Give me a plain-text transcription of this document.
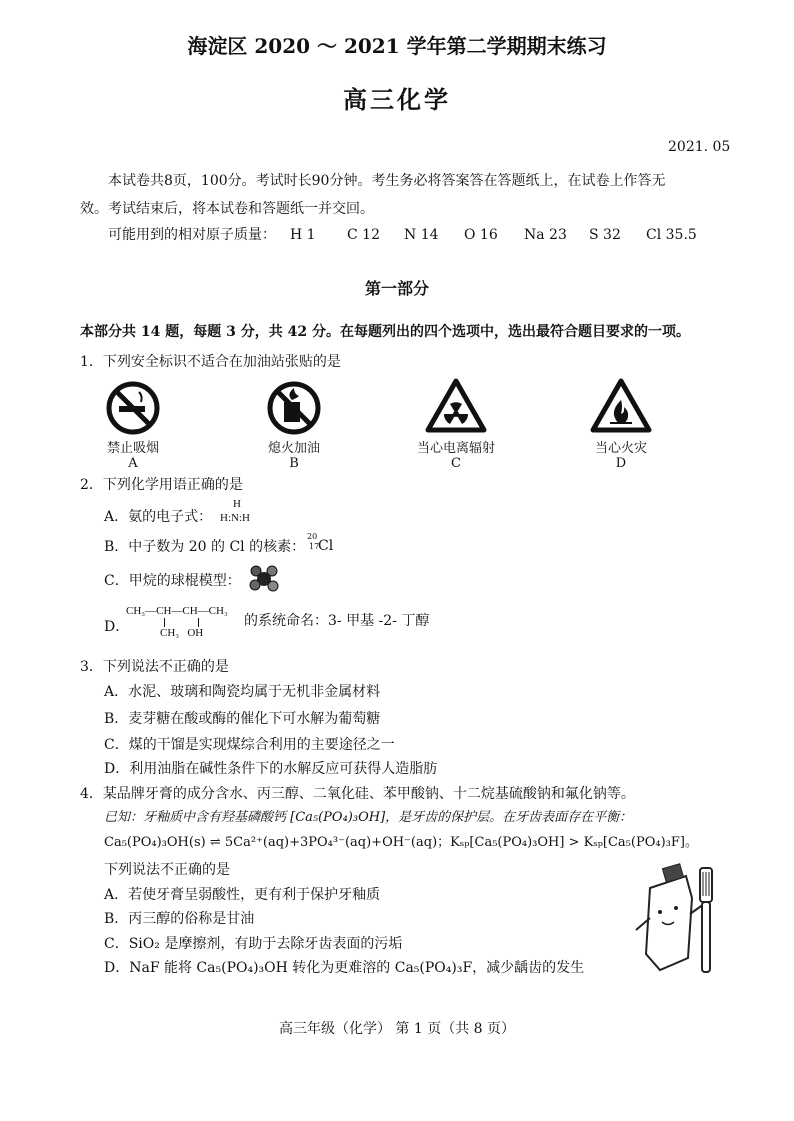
海淀区 2020 ～ 2021 学年第二学期期末练习
高三化学
2021. 05
本试卷共8页，100分。考试时长90分钟。考生务必将答案答在答题纸上，在试卷上作答无
效。考试结束后，将本试卷和答题纸一并交回。
可能用到的相对原子质量： H 1 C 12 N 14 O 16 Na 23 S 32 Cl 35.5
第一部分
本部分共 14 题，每题 3 分，共 42 分。在每题列出的四个选项中，选出最符合题目要求的一项。
1．下列安全标识不适合在加油站张贴的是
禁止吸烟
A
熄火加油
B
当心电离辐射
C
当心火灾
D
2．下列化学用语正确的是
A．氨的电子式：
H
H:N:H
B．中子数为 20 的 Cl 的核素：
20
17
Cl
C．甲烷的球棍模型：
D．
CH₃—CH—CH—CH₃
CH₃   OH
的系统命名：3- 甲基 -2- 丁醇
3．下列说法不正确的是
A．水泥、玻璃和陶瓷均属于无机非金属材料
B．麦芽糖在酸或酶的催化下可水解为葡萄糖
C．煤的干馏是实现煤综合利用的主要途径之一
D．利用油脂在碱性条件下的水解反应可获得人造脂肪
4．某品牌牙膏的成分含水、丙三醇、二氧化硅、苯甲酸钠、十二烷基硫酸钠和氟化钠等。
已知：牙釉质中含有羟基磷酸钙 [Ca₅(PO₄)₃OH]，是牙齿的保护层。在牙齿表面存在平衡：
Ca₅(PO₄)₃OH(s) ⇌ 5Ca²⁺(aq)+3PO₄³⁻(aq)+OH⁻(aq)；Kₛₚ[Ca₅(PO₄)₃OH] > Kₛₚ[Ca₅(PO₄)₃F]。
下列说法不正确的是
A．若使牙膏呈弱酸性，更有利于保护牙釉质
B．丙三醇的俗称是甘油
C．SiO₂ 是摩擦剂，有助于去除牙齿表面的污垢
D．NaF 能将 Ca₅(PO₄)₃OH 转化为更难溶的 Ca₅(PO₄)₃F，减少龋齿的发生
高三年级（化学） 第 1 页（共 8 页）
